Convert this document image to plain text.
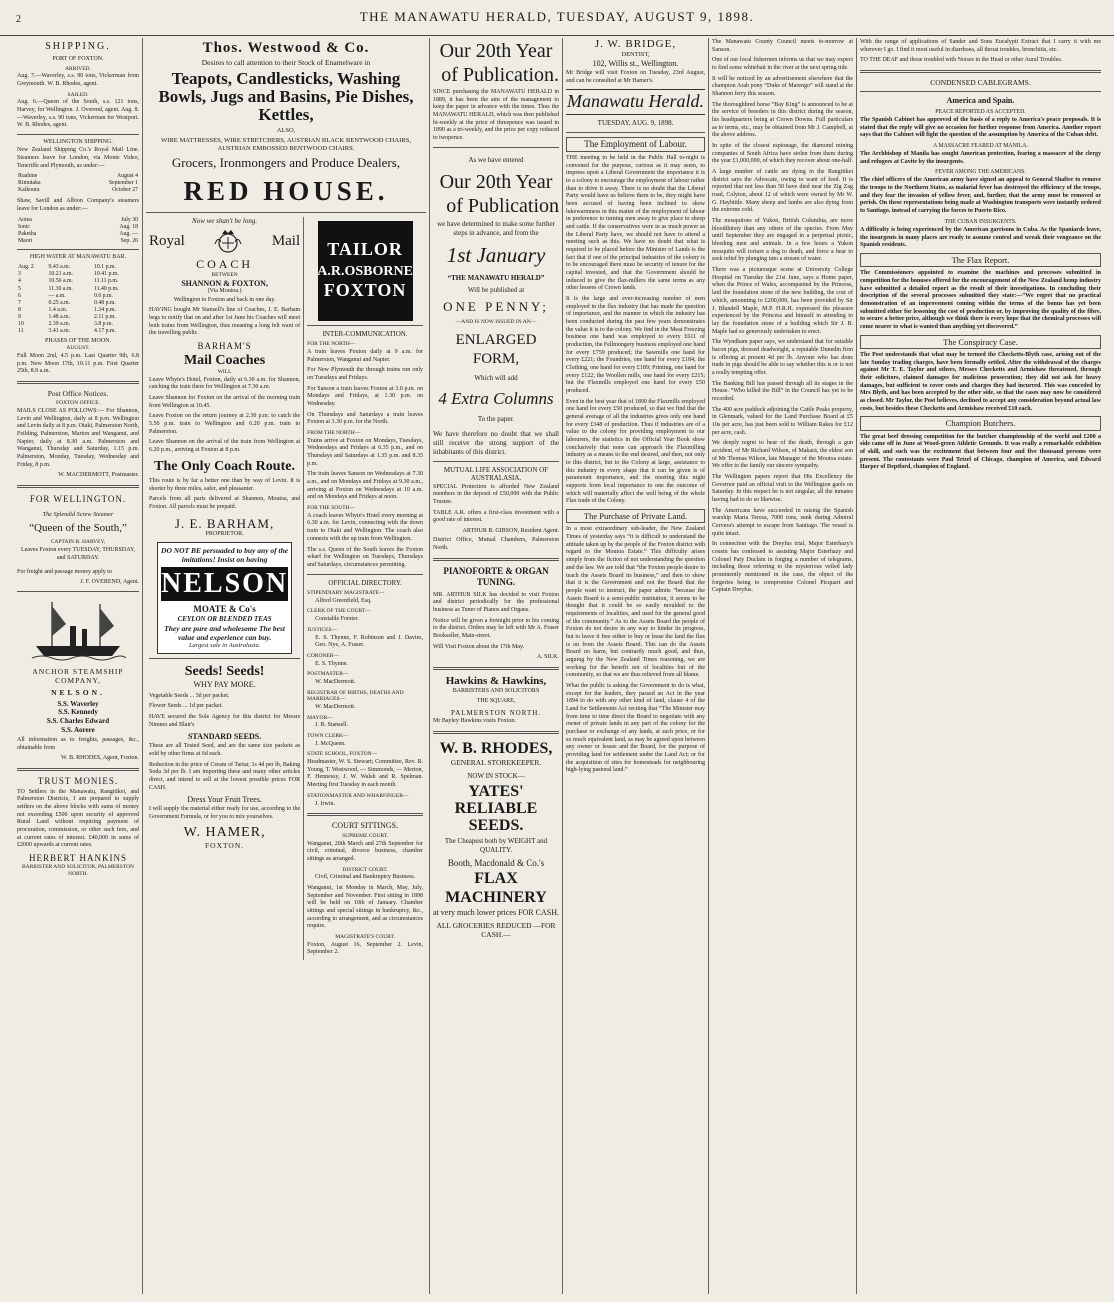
2	THE MANAWATU HERALD, TUESDAY, AUGUST 9, 1898.
SHIPPING.
PORT OF FOXTON.
ARRIVED.
Aug. 7.—Waverley, s.s. 90 tons, Vickerman from Greymouth. W. B. Rhodes, agent.
SAILED.
Aug. 6.—Queen of the South, s.s. 121 tons, Harvey, for Wellington. J. Overend, agent. Aug. 8.—Waverley, s.s. 90 tons, Vickerman for Westport. W. B. Rhodes, agent.
WELLINGTON SHIPPING.
New Zealand Shipping Co.'s Royal Mail Line. Steamers leave for London, via Monte Video, Teneriffe and Plymouth, as under:—
Ruahine	August 4
Rimutaka	September 1
Kaikoura	October 27
Shaw, Savill and Albion Company's steamers leave for London as under:—
Aotea	July 30
Ionic	Aug. 18
Paketha	Aug. —
Maori	Sep. 26
HIGH WATER AT MANAWATU BAR.
Aug. 2	9.43 a.m.	10.1 p.m.
3	10.21 a.m.	10.41 p.m.
4	10.56 a.m.	11.11 p.m.
5	11.30 a.m.	11.40 p.m.
6	— a.m.	0.6 p.m.
7	0.25 a.m.	0.48 p.m.
8	1.4 a.m.	1.34 p.m.
9	1.48 a.m.	2.11 p.m.
10	2.39 a.m.	3.8 p.m.
11	3.41 a.m.	4.17 p.m.
PHASES OF THE MOON.
AUGUST.
Full Moon 2nd, 4.5 p.m. Last Quarter 9th, 6.8 p.m. New Moon 17th, 10.11 p.m. First Quarter 25th, 8.9 a.m.
Post Office Notices.
FOXTON OFFICE.
MAILS CLOSE AS FOLLOWS:— For Shannon, Levin and Wellington, daily at 8 p.m. Wellington and Levin daily at 8 p.m. Otaki, Palmerston North, Feilding, Palmerston, Marton and Wanganui, and Napier, daily at 8.30 a.m. Palmerston and Wanganui, Thursday and Saturday, 1.15 p.m. Palmerston, Monday, Tuesday, Wednesday and Friday, 8 p.m.
W. MACDERMOTT, Postmaster.
FOR WELLINGTON.
The Splendid Screw Steamer
“Queen of the South,”
CAPTAIN R. HARVEY,
Leaves Foxton every TUESDAY, THURSDAY, and SATURDAY.
For freight and passage money apply to
J. F. OVEREND, Agent.
ANCHOR STEAMSHIP COMPANY,
NELSON.
S.S. Waverley
S.S. Kennedy
S.S. Charles Edward
S.S. Aorere
All information as to freights, passages, &c., obtainable from
W. B. RHODES, Agent, Foxton.
TRUST MONIES.
TO Settlers in the Manawatu, Rangitikei, and Palmerston Districts, I am prepared to supply settlers on the above blocks with sums of money not exceeding £500 upon security of approved Rural Land without requiring payment of procuration, commission, or other such fees, and at current rates of interest. £40,000 in sums of £2000 upwards at current rates.
HERBERT HANKINS
BARRISTER AND SOLICITOR, PALMERSTON NORTH.
Thos. Westwood & Co.
Desires to call attention to their Stock of Enamelware in
Teapots, Candlesticks, Washing Bowls, Jugs and Basins, Pie Dishes, Kettles,
ALSO,
WIRE MATTRESSES, WIRE STRETCHERS, AUSTRIAN BLACK BENTWOOD CHAIRS, AUSTRIAN EMBOSSED BENTWOOD CHAIRS.
Grocers, Ironmongers and Produce Dealers,
RED HOUSE.
Now we shan't be long.
Royal	Mail
COACH
BETWEEN
SHANNON & FOXTON,
(Via Moutoa.)
Wellington to Foxton and back in one day.
HAVING bought Mr Stansell's line of Coaches, J. E. Barham begs to notify that on and after 1st June his Coaches will meet both trains from Wellington, thus meaning a long felt want of the travelling public.
BARHAM'S
Mail Coaches
WILL
Leave Whyte's Hotel, Foxton, daily at 6.30 a.m. for Shannon, catching the train there for Wellington at 7.30 a.m.
Leave Shannon for Foxton on the arrival of the morning train from Wellington at 10.45.
Leave Foxton on the return journey at 2.30 p.m. to catch the 5.50 p.m. train to Wellington and 6.20 p.m. train to Palmerston.
Leave Shannon on the arrival of the train from Wellington at 6.20 p.m., arriving at Foxton at 8 p.m.
The Only Coach Route.
This route is by far a better one than by way of Levin. It is shorter by three miles, safer, and pleasanter.
Parcels from all parts delivered at Shannon, Moutoa, and Foxton. All parcels must be prepaid.
J. E. BARHAM,
PROPRIETOR.
DO NOT BE persuaded to buy any of the imitations! Insist on having
NELSON
MOATE & Co's
CEYLON OR BLENDED TEAS
They are pure and wholesome The best value and experience can buy.
Largest sale in Australasia.
Seeds! Seeds!
WHY PAY MORE.
Vegetable Seeds ... 3d per packet.
Flower Seeds ... 1d per packet.
HAVE secured the Sole Agency for this district for Messrs Nimmo and Blair's
STANDARD SEEDS.
These are all Tested Seed, and are the same size packets as sold by other firms at 6d each.
Reduction in the price of Cream of Tartar, 1s 4d per lb, Baking Soda 3d per lb. I am importing these and many other articles direct, and intend to sell at the lowest possible prices FOR CASH.
Dress Your Fruit Trees.
I will supply the material either ready for use, according to the Government Formula, or for you to mix yourselves.
W. HAMER,
FOXTON.
TAILOR
A.R.OSBORNE
FOXTON
INTER-COMMUNICATION.
FOR THE NORTH—
A train leaves Foxton daily at 9 a.m. for Palmerston, Wanganui and Napier.
For New Plymouth the through trains run only on Tuesdays and Fridays.
For Sanson a train leaves Foxton at 3.0 p.m. on Mondays and Fridays, at 1.30 p.m. on Wednesday.
On Thursdays and Saturdays a train leaves Foxton at 3.30 p.m. for the North.
FROM THE NORTH—
Trains arrive at Foxton on Mondays, Tuesdays, Wednesdays and Fridays at 6.35 p.m., and on Thursdays and Saturdays at 1.35 p.m. and 8.35 p.m.
The train leaves Sanson on Wednesdays at 7.30 a.m., and on Mondays and Fridays at 9.30 a.m., arriving at Foxton on Wednesdays at 10 a.m. and on Mondays and Fridays at noon.
FOR THE SOUTH—
A coach leaves Whyte's Hotel every morning at 6.30 a.m. for Levin, connecting with the down train to Otaki and Wellington. The coach also connects with the up train from Wellington.
The s.s. Queen of the South leaves the Foxton wharf for Wellington on Tuesdays, Thursdays and Saturdays, circumstances permitting.
OFFICIAL DIRECTORY.
STIPENDIARY MAGISTRATE—
Alfred Greenfield, Esq.
CLERK OF THE COURT—
Constable Forster.
JUSTICES—
E. S. Thynne, F. Robinson and J. Davies, Geo. Nye, A. Fraser.
CORONER—
E. S. Thynne.
POSTMASTER—
W. MacDermott.
REGISTRAR OF BIRTHS, DEATHS AND MARRIAGES—
W. MacDermott.
MAYOR—
J. B. Stansell.
TOWN CLERK—
J. McQueen.
STATE SCHOOL, FOXTON—
Headmaster, W. S. Stewart; Committee, Rev. R. Young, T. Westwood, — Simmonds, — Merton, F. Hennessy, J. W. Walsh and R. Spelman. Meeting first Tuesday in each month.
STATIONMASTER AND WHARFINGER—
J. Irwin.
COURT SITTINGS.
SUPREME COURT.
Wanganui, 20th March and 27th September for civil, criminal, divorce business, chamber sittings as arranged.
DISTRICT COURT.
Civil, Criminal and Bankruptcy Business.
Wanganui, 1st Monday in March, May, July, September and November. First sitting in 1898 will be held on 10th of January. Chamber sittings and special sittings in bankruptcy, &c., according to arrangement, and as circumstances require.
MAGISTRATE'S COURT.
Foxton, August 16, September 2. Levin, September 2.
Our 20th Year
of Publication.
SINCE purchasing the MANAWATU HERALD in 1889, it has been the aim of the management to keep the paper in advance with the times. Thus the MANAWATU HERALD, which was then published bi-weekly at the price of threepence was issued in 1890 as a tri-weekly, and the price per copy reduced to twopence.
As we have entered
Our 20th Year
of Publication
we have determined to make some further steps in advance, and from the
1st January
“THE MANAWATU HERALD”
Will be published at
ONE PENNY;
—AND IS NOW ISSUED IN AN—
ENLARGED FORM,
Which will add
4 Extra Columns
To the paper.
We have therefore no doubt that we shall still receive the strong support of the inhabitants of this district.
MUTUAL LIFE ASSOCIATION OF AUSTRALASIA.
SPECIAL Protection is afforded New Zealand members in the deposit of £50,000 with the Public Trustee.
TABLE A.R. offers a first-class investment with a good rate of interest.
ARTHUR B. GIBSON, Resident Agent.
District Office, Mutual Chambers, Palmerston North.
PIANOFORTE & ORGAN TUNING.
MR. ARTHUR SILK has decided to visit Foxton and district periodically for the professional business as Tuner of Pianos and Organs.
Notice will be given a fortnight prior to his coming to the district. Orders may be left with Mr A. Fraser Bookseller, Main-street.
Will Visit Foxton about the 17th May.
A. SILK.
Hawkins & Hawkins,
BARRISTERS AND SOLICITORS
THE SQUARE,
PALMERSTON NORTH.
Mr Bayley Hawkins visits Foxton.
W. B. RHODES,
GENERAL STOREKEEPER.
NOW IN STOCK—
YATES' RELIABLE SEEDS.
The Cheapest both by WEIGHT and QUALITY.
Booth, Macdonald & Co.'s
FLAX MACHINERY
at very much lower prices FOR CASH.
ALL GROCERIES REDUCED —FOR CASH.—
J. W. BRIDGE,
DENTIST,
102, Willis st., Wellington.
Mr Bridge will visit Foxton on Tuesday, 23rd August, and can be consulted at Mr Hamer's.
Manawatu Herald.
TUESDAY, AUG. 9, 1898.
The Employment of Labour.
THE meeting to be held in the Public Hall to-night is convened for the purpose, curious as it may seem, to impress upon a Liberal Government the importance it is to a colony to encourage the employment of labour rather than to drive it away. There is no doubt that the Liberal Party would have us believe them to be, they might have been accused of having been inclined to show lukewarmness in this matter of the employment of labour in preference to turning men away to give place to sheep and cattle. If the conservatives were in as much power as the Liberal Party have, we should not have to attend a meeting such as this. We have no doubt that what is required to be placed before the Minister of Lands is the fact that if one of the principal industries of the colony is to be encouraged there must be security of tenure for the capital invested, and that the Government should be induced to give the flax-millers the same terms as any other lessees of Crown lands.
It is the large and ever-increasing number of men employed in the flax industry that has made the question of importance, and the manner in which the industry has been conducted during the past few years demonstrates the value it is to the colony. We find in the Meat Freezing business one hand was employed to every £611 of production, the Fellmongery business employed one hand for every £759 produced; the Sawmills one hand for every £221; the Foundries, one hand for every £184; the Clothing, one hand for every £189; Printing, one hand for every £122; the Woollen mills, one hand for every £215; but the Flaxmills employed one hand for every £50 produced.
Even in the best year that of 1890 the Flaxmills employed one hand for every £50 produced, so that we find that the general average of all the industries gives only one hand for every £348 of production. Thus if industries are of a value to the colony for providing employment to our labourers, the statistics in the Official Year Book show conclusively that none can approach the Flaxmilling industry as a means to the end desired, and then, not only to this district, but to the Colony at large, assistance to this industry in every shape that it can be given is of paramount importance, and the meeting this night supports from local importance to one the outcome of which will materially affect the well being of the whole Flax trade of the Colony.
The Purchase of Private Land.
In a most extraordinary sub-leader, the New Zealand Times of yesterday says “it is difficult to understand the attitude taken up by the people of the Foxton district with regard to the Moutoa Estate.” This difficulty arises simply from the fiction of not understanding the question and the law. We are told that “the Foxton people desire to teach the Assets Board its business,” and then to show that it is the Government and not the Board that the people want to instruct, the paper admits “because the Assets Board is a semi-public institution, it seems to be thought that it could be so easily moulded to the requirements of localities, and used for the general good of the community.” As to the Assets Board the people of Foxton do not desire in any way to hinder its progress, but to leave it free either to buy or lease the land the flax is on from the Assets Board. This can do the Assets Board no harm, but contrarily much good, and thus, arguing by the New Zealand Times reasoning, we are working for the benefit not of localities but of the community, so that we are thus relieved from all blame.
What the public is asking the Government to do is what, except for the leaders, they passed an Act in the year 1894 to do with any other kind of land, clause 4 of the Land for Settlements Act reciting that “The Minister may from time to time direct the Board to negotiate with any owner of private lands in any part of the colony for the purchase or exchange of any lands, at such price, or for so much equivalent land, as may be agreed upon between any owner or lessee and the Board, for the purpose of providing land for settlement under the Land Act; or for the acquisition of sites for homesteads for neighbouring high-lying pastoral land.”
The Manawatu County Council meets to-morrow at Sanson.
One of our local fishermen informs us that we may expect to find some whitebait in the river at the next spring tide.
It will be noticed by an advertisement elsewhere that the champion Arab pony “Duke of Marengo” will stand at the Shannon ferry this season.
The thoroughbred horse “Bay King” is announced to be at the service of breeders in this district during the season, his headquarters being at Crown Downs. Full particulars as to terms, etc., may be obtained from Mr J. Campbell, at the above address.
In spite of the closest espionage, the diamond mining companies of South Africa have stolen from them during the year £1,000,000, of which they recover about one-half.
A large number of cattle are dying in the Rangitikei district says the Advocate, owing to want of feed. It is reported that not less than 50 have died near the Zig Zag road, Colyton, about 12 of which were owned by Mr W. G. Haybittle. Many sheep and lambs are also dying from the extreme cold.
The mosquitoes of Yukon, British Columbia, are more bloodthirsty than any others of the species. From May until September they are engaged in a perpetual picnic, bleeding men and animals. In a few hours a Yukon mosquito will torture a dog to death, and force a bear to seek relief by plunging into a stream of water.
There was a picturesque scene at University College Hospital on Tuesday the 21st June, says a Home paper, when the Prince of Wales, accompanied by the Princess, laid the foundation stone of the new building, the cost of which, amounting to £200,000, has been provided by Sir J. Blundell Maple, M.P. H.R.H. expressed the pleasure experienced by the Princess and himself in attending to lay the foundation stone of a building which Sir J. B. Maple had so generously undertaken to erect.
The Wyndham paper says, we understand that for suitable bacon pigs, dressed deadweight, a reputable Dunedin firm is offering at present 4d per lb. Anyone who has done trade in pigs should be able to say whether this is or is not a really tempting offer.
The Banking Bill has passed through all its stages in the House. “Who killed the Bill” in the Council has yet to be recorded.
The 400 acre paddock adjoining the Cattle Peaks property, in Glenmark, valued for the Land Purchase Board at £5 10s per acre, has just been sold to William Rakes for £12 per acre, cash.
We deeply regret to hear of the death, through a gun accident, of Mr Richard Wilson, of Makarā, the eldest son of Mr Thomas Wilson, late Manager of the Moutoa estate. We offer to the family our sincere sympathy.
The Wellington papers report that His Excellency the Governor paid an official visit to the Wellington gaols on Saturday. In this respect he is not singular, all the inmates having had to do so likewise.
The Americans have succeeded in raising the Spanish warship Maria Teresa, 7000 tons, sunk during Admiral Cervera's attempt to escape from Santiago. The vessel is quite intact.
In connection with the Dreyfus trial, Major Esterhazy's cousin has confessed to assisting Major Esterhazy and Colonel Paty Duclam in forging a number of telegrams, including those referring to the mysterious veiled lady prominently mentioned in the case, the object of the forgeries being to compromise Colonel Picquart and Captain Dreyfus.
With the range of applications of Sander and Sons Eucalypti Extract that I carry it with me wherever I go. I find it most useful in diarrhoea, all throat troubles, bronchitis, etc.
TO THE DEAF and those troubled with Noises in the Head or other Aural Troubles.
CONDENSED CABLEGRAMS.
America and Spain.
PEACE REPORTED AS ACCEPTED.
The Spanish Cabinet has approved of the basis of a reply to America's peace proposals. It is stated that the reply will give no occasion for further response from America. Another report says that the Cabinet will fight the question of the assumption by America of the Cuban debt.
A MASSACRE FEARED AT MANILA.
The Archbishop of Manila has sought American protection, fearing a massacre of the clergy and refugees at Cavite by the insurgents.
FEVER AMONG THE AMERICANS.
The chief officers of the American army have signed an appeal to General Shafter to remove the troops to the Northern States, as malarial fever has destroyed the efficiency of the troops, and they fear the invasion of yellow fever, and, further, that the army must be removed or perish. On these representations being made at Washington transports were instantly ordered to Santiago, instead of carrying the forces to Puerto Rico.
THE CUBAN INSURGENTS.
A difficulty is being experienced by the American garrisons in Cuba. As the Spaniards leave, the insurgents in many places are ready to assume control and wreak their vengeance on the Spanish residents.
The Flax Report.
The Commissioners appointed to examine the machines and processes submitted in competition for the bonuses offered for the encouragement of the New Zealand hemp industry have submitted a detailed report as the result of their investigations. In concluding their description of the several processes submitted they state:—“We regret that no practical demonstration of an improvement coming within the terms of the bonus has yet been submitted either for lessening the cost of production or, by improving the quality of the fibre, to secure a better price, although we think there is every hope that the chemical processes will come nearer to what is wanted than anything yet discovered.”
The Conspiracy Case.
The Post understands that what may be termed the Checketts-Blyth case, arising out of the late Sunday trading charges, have been formally settled. After the withdrawal of the charges against Mr T. E. Taylor and others, Messrs Checketts and Armishaw threatened, through their solicitors, claimed damages for malicious prosecution; they did not ask for heavy damages, but sufficient to cover costs and charges they had incurred. This was conceded by Mrs Blyth, and has been accepted by the other side, so that the cases may now be considered as closed. Mr Taylor, the Post believes, declined to accept any consideration beyond actual law costs, but besides these Checketts and Armishaw received £10 each.
Champion Butchers.
The great beef dressing competition for the butcher championship of the world and £200 a side came off in June at Wood-green Athletic Grounds. It was really a remarkable exhibition of skill, and such was the excitement that between four and five thousand persons were present. The contestants were Paul Tetzel of Chicago, champion of America, and Edward Harper of Deptford, champion of England.
